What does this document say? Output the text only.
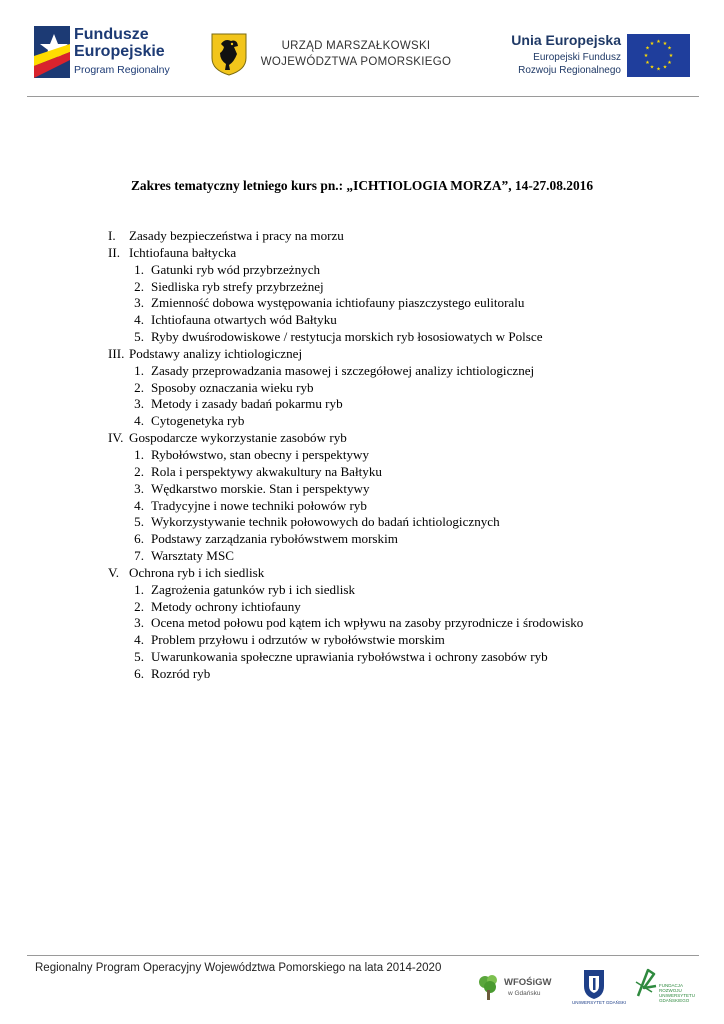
Fundusze
Europejskie
Program Regionalny
URZĄD MARSZAŁKOWSKI
WOJEWÓDZTWA POMORSKIEGO
Unia Europejska
Europejski Fundusz
Rozwoju Regionalnego
★ ★
★
★
★
★
★
★
★
★
★
★
Zakres tematyczny letniego kurs pn.: „ICHTIOLOGIA MORZA”, 14-27.08.2016
I. Zasady bezpieczeństwa i pracy na morzu
II. Ichtiofauna bałtycka
1. Gatunki ryb wód przybrzeżnych
2. Siedliska ryb strefy przybrzeżnej
3. Zmienność dobowa występowania ichtiofauny piaszczystego eulitoralu
4. Ichtiofauna otwartych wód Bałtyku
5. Ryby dwuśrodowiskowe / restytucja morskich ryb łososiowatych w Polsce
III. Podstawy analizy ichtiologicznej
1. Zasady przeprowadzania masowej i szczegółowej analizy ichtiologicznej
2. Sposoby oznaczania wieku ryb
3. Metody i zasady badań pokarmu ryb
4. Cytogenetyka ryb
IV. Gospodarcze wykorzystanie zasobów ryb
1. Rybołówstwo, stan obecny i perspektywy
2. Rola i perspektywy akwakultury na Bałtyku
3. Wędkarstwo morskie. Stan i perspektywy
4. Tradycyjne i nowe techniki połowów ryb
5. Wykorzystywanie technik połowowych do badań ichtiologicznych
6. Podstawy zarządzania rybołówstwem morskim
7. Warsztaty MSC
V. Ochrona ryb i ich siedlisk
1. Zagrożenia gatunków ryb i ich siedlisk
2. Metody ochrony ichtiofauny
3. Ocena metod połowu pod kątem ich wpływu na zasoby przyrodnicze i środowisko
4. Problem przyłowu i odrzutów w rybołówstwie morskim
5. Uwarunkowania społeczne uprawiania rybołówstwa i ochrony zasobów ryb
6. Rozród ryb
Regionalny Program Operacyjny Województwa Pomorskiego na lata 2014-2020
WFOŚiGW
w Gdańsku
UNIWERSYTET GDAŃSKI
FUNDACJA ROZWOJU UNIWERSYTETU GDAŃSKIEGO
